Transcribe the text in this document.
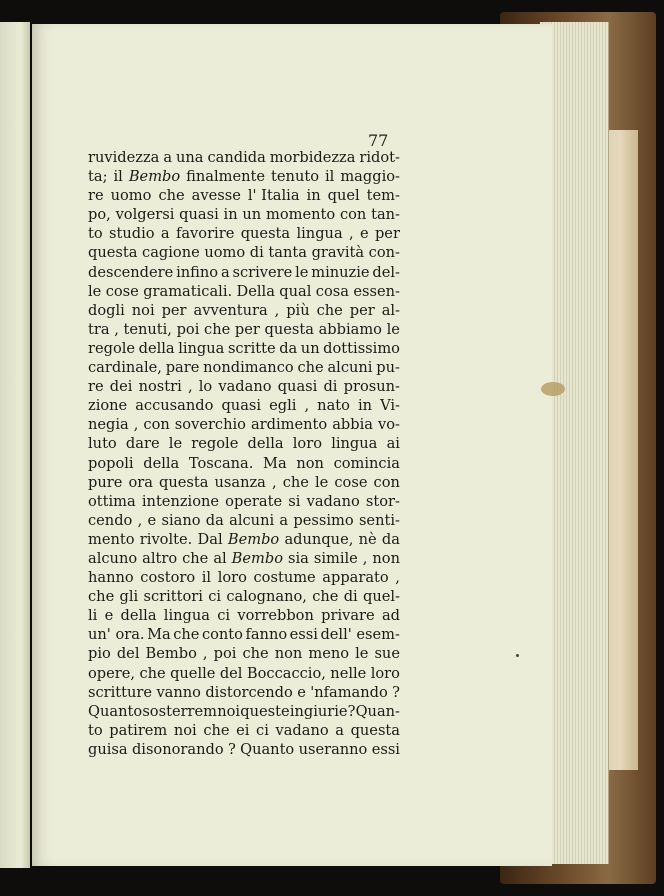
77
ruvidezza a una candida morbidezza ridot-
ta; il Bembo finalmente tenuto il maggio-
re uomo che avesse l' Italia in quel tem-
po, volgersi quasi in un momento con tan-
to studio a favorire questa lingua , e per
questa cagione uomo di tanta gravità con-
descendere infino a scrivere le minuzie del-
le cose gramaticali. Della qual cosa essen-
dogli noi per avventura , più che per al-
tra , tenuti, poi che per questa abbiamo le
regole della lingua scritte da un dottissimo
cardinale, pare nondimanco che alcuni pu-
re dei nostri , lo vadano quasi di prosun-
zione accusando quasi egli , nato in Vi-
negia , con soverchio ardimento abbia vo-
luto dare le regole della loro lingua ai
popoli della Toscana. Ma non comincia
pure ora questa usanza , che le cose con
ottima intenzione operate si vadano stor-
cendo , e siano da alcuni a pessimo senti-
mento rivolte. Dal Bembo adunque, nè da
alcuno altro che al Bembo sia simile , non
hanno costoro il loro costume apparato ,
che gli scrittori ci calognano, che di quel-
li e della lingua ci vorrebbon privare ad
un' ora. Ma che conto fanno essi dell' esem-
pio del Bembo , poi che non meno le sue
opere, che quelle del Boccaccio, nelle loro
scritture vanno distorcendo e 'nfamando ?
Quanto sosterrem noi queste ingiurie? Quan-
to patirem noi che ei ci vadano a questa
guisa disonorando ? Quanto useranno essi
